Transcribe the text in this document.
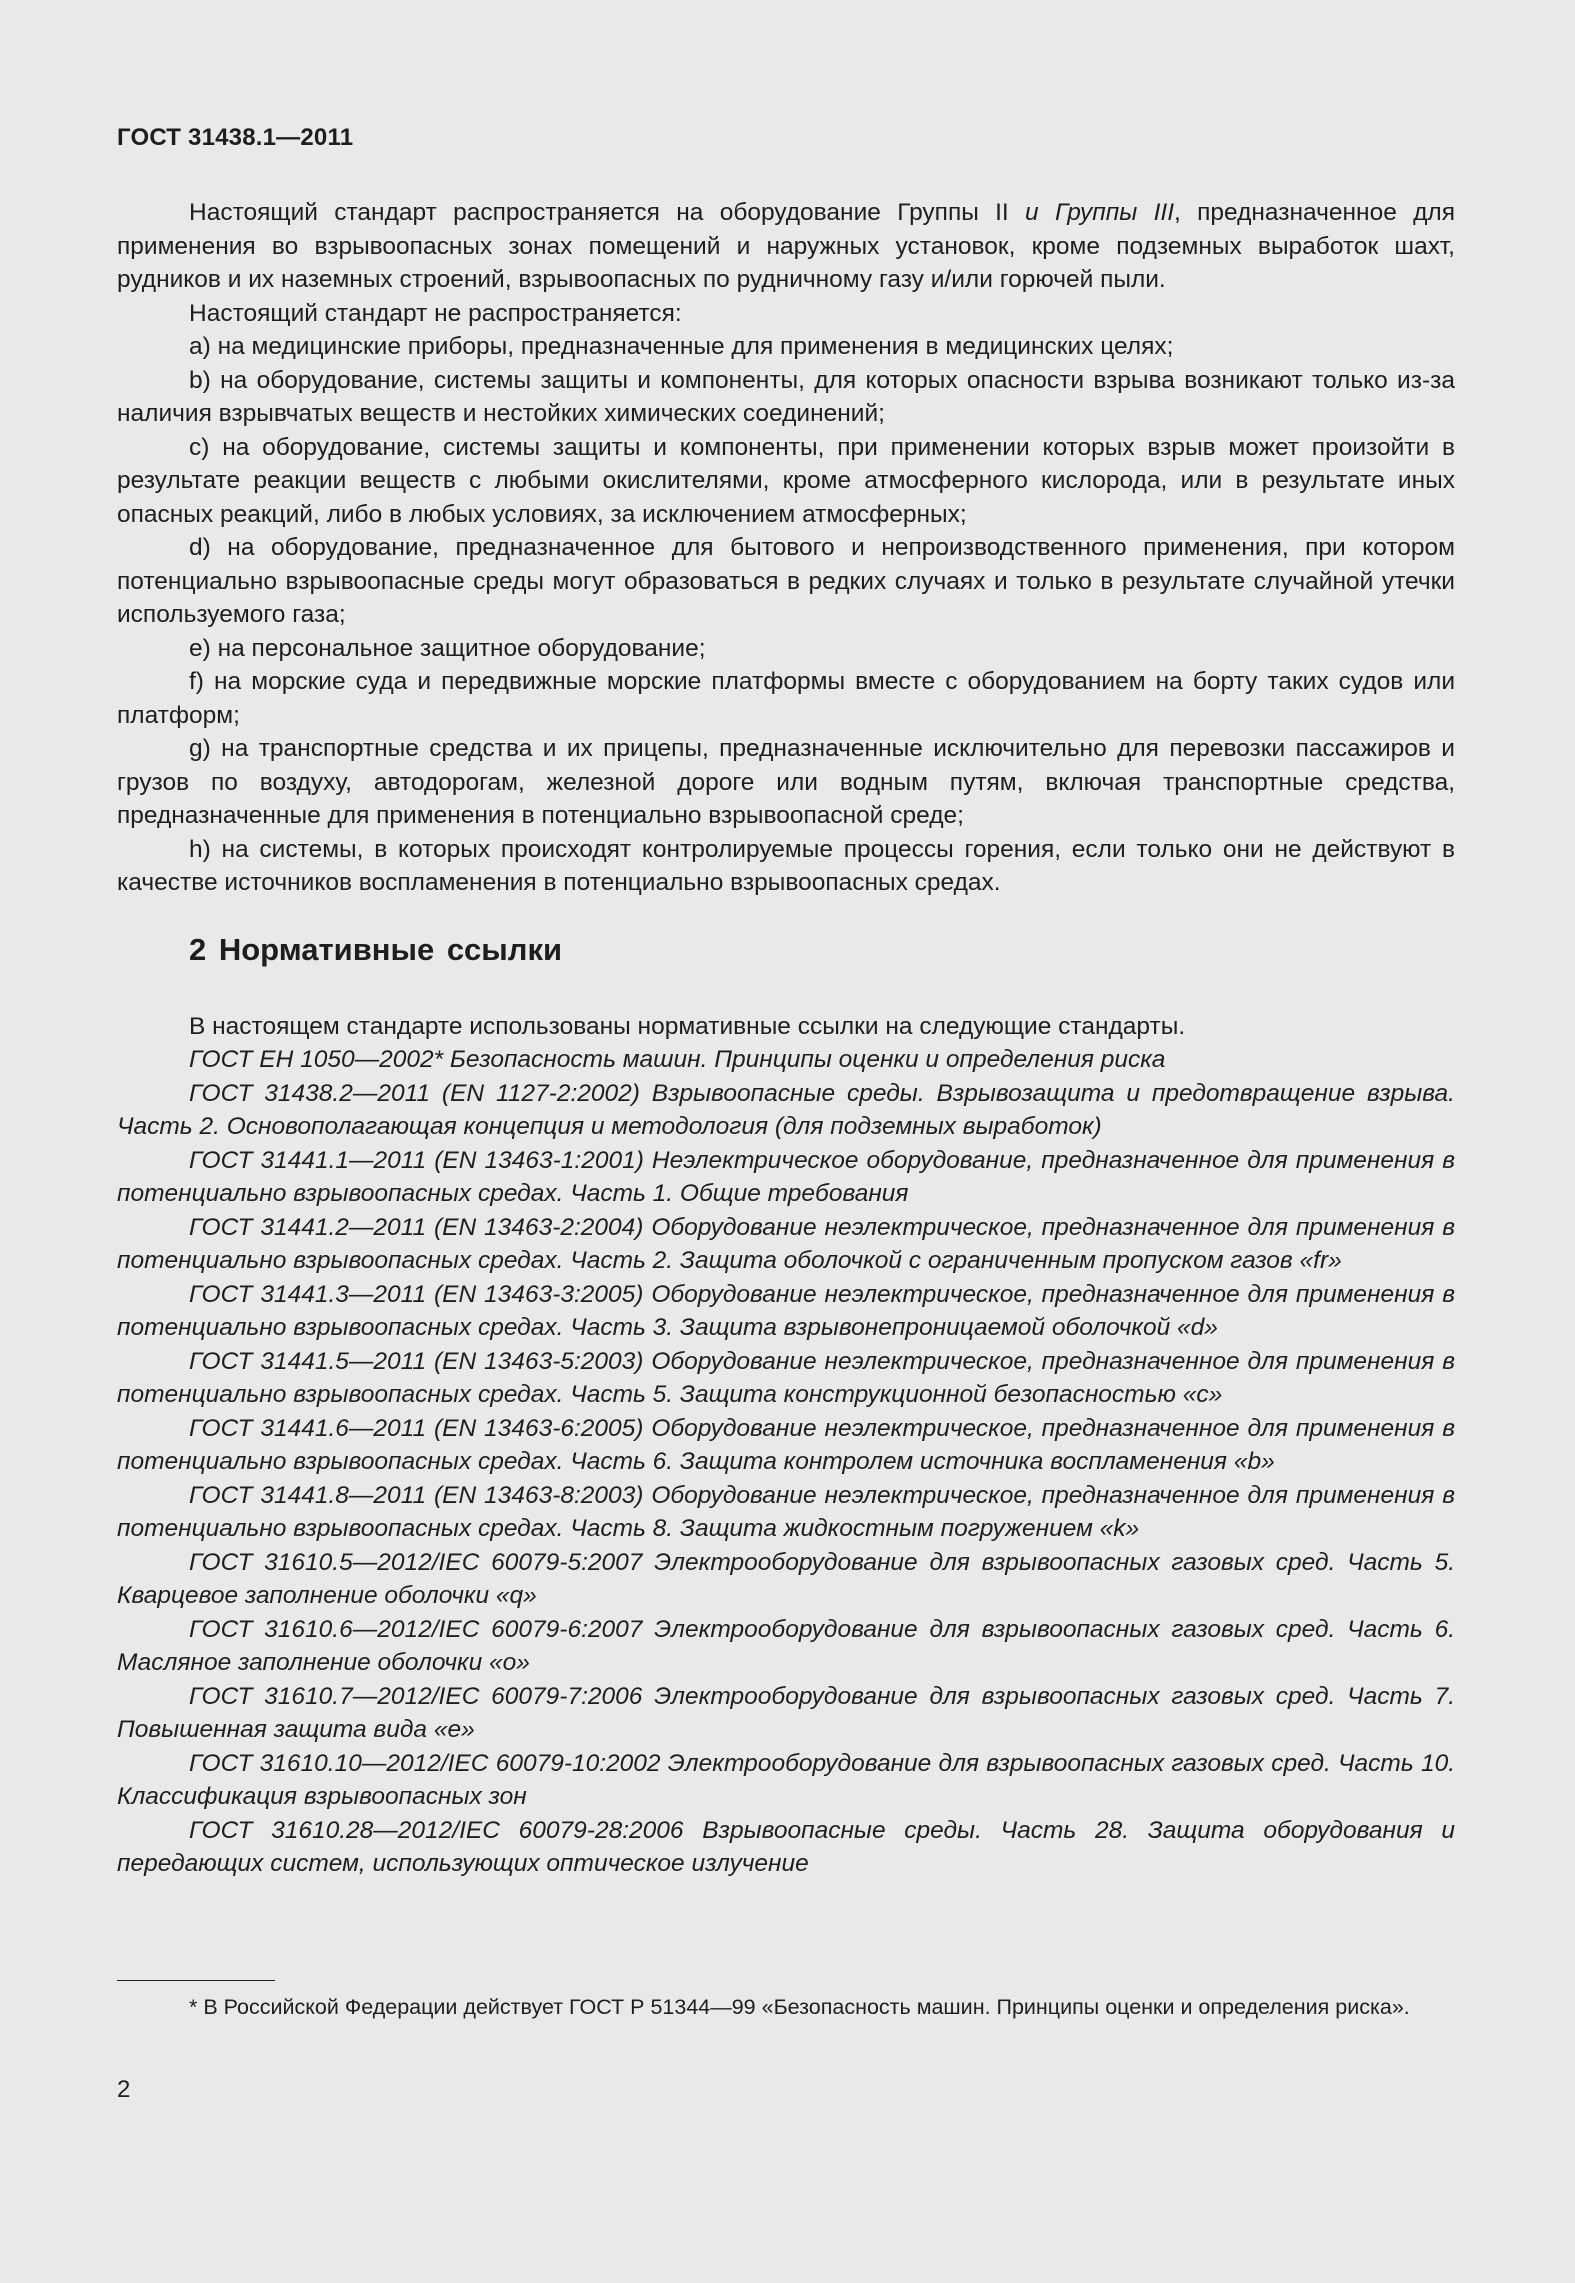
ГОСТ 31438.1—2011

Настоящий стандарт распространяется на оборудование Группы II и Группы III, предназначенное для применения во взрывоопасных зонах помещений и наружных установок, кроме подземных выработок шахт, рудников и их наземных строений, взрывоопасных по рудничному газу и/или горючей пыли.

Настоящий стандарт не распространяется:

а) на медицинские приборы, предназначенные для применения в медицинских целях;

b) на оборудование, системы защиты и компоненты, для которых опасности взрыва возникают только из-за наличия взрывчатых веществ и нестойких химических соединений;

c) на оборудование, системы защиты и компоненты, при применении которых взрыв может произойти в результате реакции веществ с любыми окислителями, кроме атмосферного кислорода, или в результате иных опасных реакций, либо в любых условиях, за исключением атмосферных;

d) на оборудование, предназначенное для бытового и непроизводственного применения, при котором потенциально взрывоопасные среды могут образоваться в редких случаях и только в результате случайной утечки используемого газа;

е) на персональное защитное оборудование;

f) на морские суда и передвижные морские платформы вместе с оборудованием на борту таких судов или платформ;

g) на транспортные средства и их прицепы, предназначенные исключительно для перевозки пассажиров и грузов по воздуху, автодорогам, железной дороге или водным путям, включая транспортные средства, предназначенные для применения в потенциально взрывоопасной среде;

h) на системы, в которых происходят контролируемые процессы горения, если только они не действуют в качестве источников воспламенения в потенциально взрывоопасных средах.

2 Нормативные ссылки

В настоящем стандарте использованы нормативные ссылки на следующие стандарты.

ГОСТ ЕН 1050—2002* Безопасность машин. Принципы оценки и определения риска

ГОСТ 31438.2—2011 (EN 1127-2:2002) Взрывоопасные среды. Взрывозащита и предотвращение взрыва. Часть 2. Основополагающая концепция и методология (для подземных выработок)

ГОСТ 31441.1—2011 (EN 13463-1:2001) Неэлектрическое оборудование, предназначенное для применения в потенциально взрывоопасных средах. Часть 1. Общие требования

ГОСТ 31441.2—2011 (EN 13463-2:2004) Оборудование неэлектрическое, предназначенное для применения в потенциально взрывоопасных средах. Часть 2. Защита оболочкой с ограниченным пропуском газов «fr»

ГОСТ 31441.3—2011 (EN 13463-3:2005) Оборудование неэлектрическое, предназначенное для применения в потенциально взрывоопасных средах. Часть 3. Защита взрывонепроницаемой оболочкой «d»

ГОСТ 31441.5—2011 (EN 13463-5:2003) Оборудование неэлектрическое, предназначенное для применения в потенциально взрывоопасных средах. Часть 5. Защита конструкционной безопасностью «c»

ГОСТ 31441.6—2011 (EN 13463-6:2005) Оборудование неэлектрическое, предназначенное для применения в потенциально взрывоопасных средах. Часть 6. Защита контролем источника воспламенения «b»

ГОСТ 31441.8—2011 (EN 13463-8:2003) Оборудование неэлектрическое, предназначенное для применения в потенциально взрывоопасных средах. Часть 8. Защита жидкостным погружением «k»

ГОСТ 31610.5—2012/IEC 60079-5:2007 Электрооборудование для взрывоопасных газовых сред. Часть 5. Кварцевое заполнение оболочки «q»

ГОСТ 31610.6—2012/IEC 60079-6:2007 Электрооборудование для взрывоопасных газовых сред. Часть 6. Масляное заполнение оболочки «o»

ГОСТ 31610.7—2012/IEC 60079-7:2006 Электрооборудование для взрывоопасных газовых сред. Часть 7. Повышенная защита вида «e»

ГОСТ 31610.10—2012/IEC 60079-10:2002 Электрооборудование для взрывоопасных газовых сред. Часть 10. Классификация взрывоопасных зон

ГОСТ 31610.28—2012/IEC 60079-28:2006 Взрывоопасные среды. Часть 28. Защита оборудования и передающих систем, использующих оптическое излучение

* В Российской Федерации действует ГОСТ Р 51344—99 «Безопасность машин. Принципы оценки и определения риска».
2
